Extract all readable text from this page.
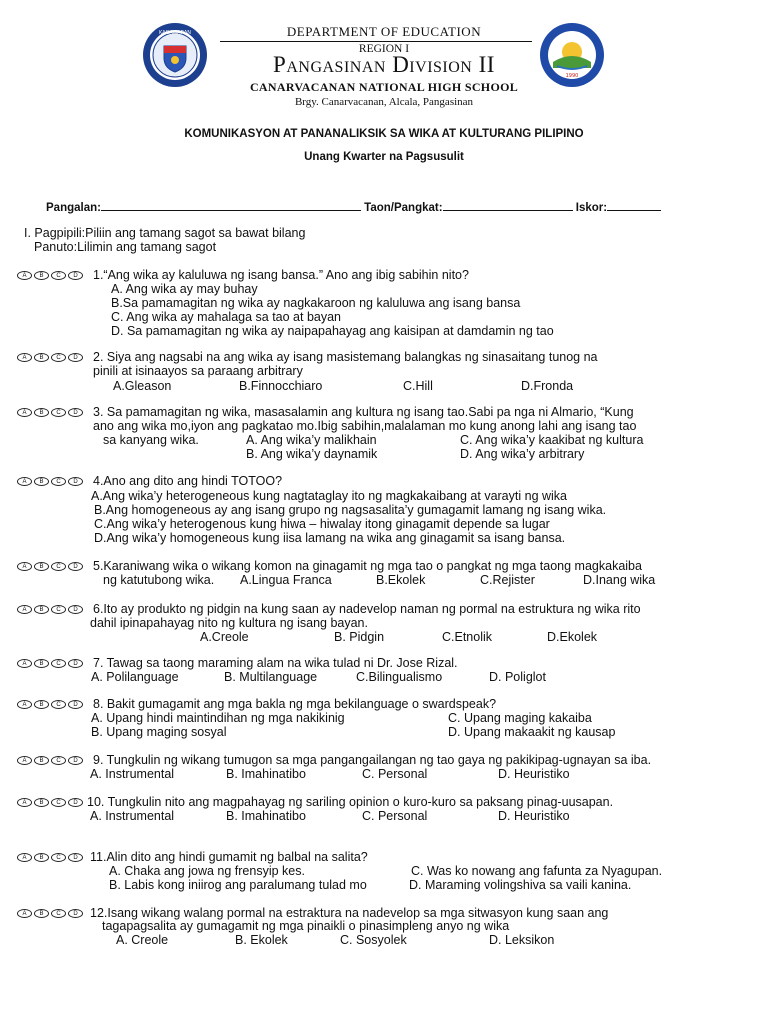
KAGAWARAN
1990
DEPARTMENT OF EDUCATION
REGION I
Pangasinan Division II
CANARVACANAN NATIONAL HIGH SCHOOL
Brgy. Canarvacanan, Alcala, Pangasinan
KOMUNIKASYON AT PANANALIKSIK SA WIKA AT KULTURANG PILIPINO
Unang Kwarter na Pagsusulit
Pangalan:	Taon/Pangkat:	Iskor:
I. Pagpipili:Piliin ang tamang sagot sa bawat bilang
Panuto:Lilimin ang tamang sagot
A	B	C	D	1.“Ang wika ay kaluluwa ng isang bansa.” Ano ang ibig sabihin nito?
A. Ang wika ay may buhay
B.Sa pamamagitan ng wika ay nagkakaroon ng kaluluwa ang isang bansa
C. Ang wika ay mahalaga sa tao at bayan
D. Sa pamamagitan ng wika ay naipapahayag ang kaisipan at damdamin ng tao
A	B	C	D	2. Siya ang nagsabi na ang wika ay isang masistemang balangkas ng sinasaitang tunog na
pinili at isinaayos sa paraang arbitrary
A.Gleason	B.Finnocchiaro	C.Hill	D.Fronda
A	B	C	D	3. Sa pamamagitan ng wika, masasalamin ang kultura ng isang tao.Sabi pa nga ni Almario, “Kung
ano ang wika mo,iyon ang pagkatao mo.Ibig sabihin,malalaman mo kung anong lahi ang isang tao
sa kanyang wika.	A. Ang wika’y malikhain	C. Ang wika’y kaakibat ng kultura
B. Ang wika’y daynamik	D. Ang wika’y arbitrary
A	B	C	D	4.Ano ang dito ang hindi TOTOO?
A.Ang wika’y heterogeneous kung nagtataglay ito ng magkakaibang at varayti ng wika
B.Ang homogeneous ay ang isang grupo ng nagsasalita’y gumagamit lamang ng isang wika.
C.Ang wika’y heterogenous kung hiwa – hiwalay itong ginagamit depende sa lugar
D.Ang wika’y homogeneous kung iisa lamang na wika ang ginagamit sa isang bansa.
A	B	C	D	5.Karaniwang wika o wikang komon na ginagamit ng mga tao o pangkat ng mga taong magkakaiba
ng katutubong wika. A.Lingua Franca	B.Ekolek	C.Rejister	D.Inang wika
A	B	C	D	6.Ito ay produkto ng pidgin na kung saan ay nadevelop naman ng pormal na estruktura ng wika rito
dahil ipinapahayag nito ng kultura ng isang bayan.
A.Creole	B. Pidgin	C.Etnolik	D.Ekolek
A	B	C	D	7. Tawag sa taong maraming alam na wika tulad ni Dr. Jose Rizal.
A. Polilanguage	B. Multilanguage	C.Bilingualismo	D. Poliglot
A	B	C	D	8. Bakit gumagamit ang mga bakla ng mga bekilanguage o swardspeak?
A. Upang hindi maintindihan ng mga nakikinig	C. Upang maging kakaiba
B. Upang maging sosyal	D. Upang makaakit ng kausap
A	B	C	D	9. Tungkulin ng wikang tumugon sa mga pangangailangan ng tao gaya ng pakikipag-ugnayan sa iba.
A. Instrumental	B. Imahinatibo	C. Personal	D. Heuristiko
A	B	C	D 10. Tungkulin nito ang magpahayag ng sariling opinion o kuro-kuro sa paksang pinag-uusapan.
A. Instrumental	B. Imahinatibo	C. Personal	D. Heuristiko
A	B	C	D 11.Alin dito ang hindi gumamit ng balbal na salita?
A. Chaka ang jowa ng frensyip kes.	C. Was ko nowang ang fafunta za Nyagupan.
B. Labis kong iniirog ang paralumang tulad mo	D. Maraming volingshiva sa vaili kanina.
A	B	C	D 12.Isang wikang walang pormal na estraktura na nadevelop sa mga sitwasyon kung saan ang
tagapagsalita ay gumagamit ng mga pinaikli o pinasimpleng anyo ng wika
A. Creole	B. Ekolek	C. Sosyolek	D. Leksikon
